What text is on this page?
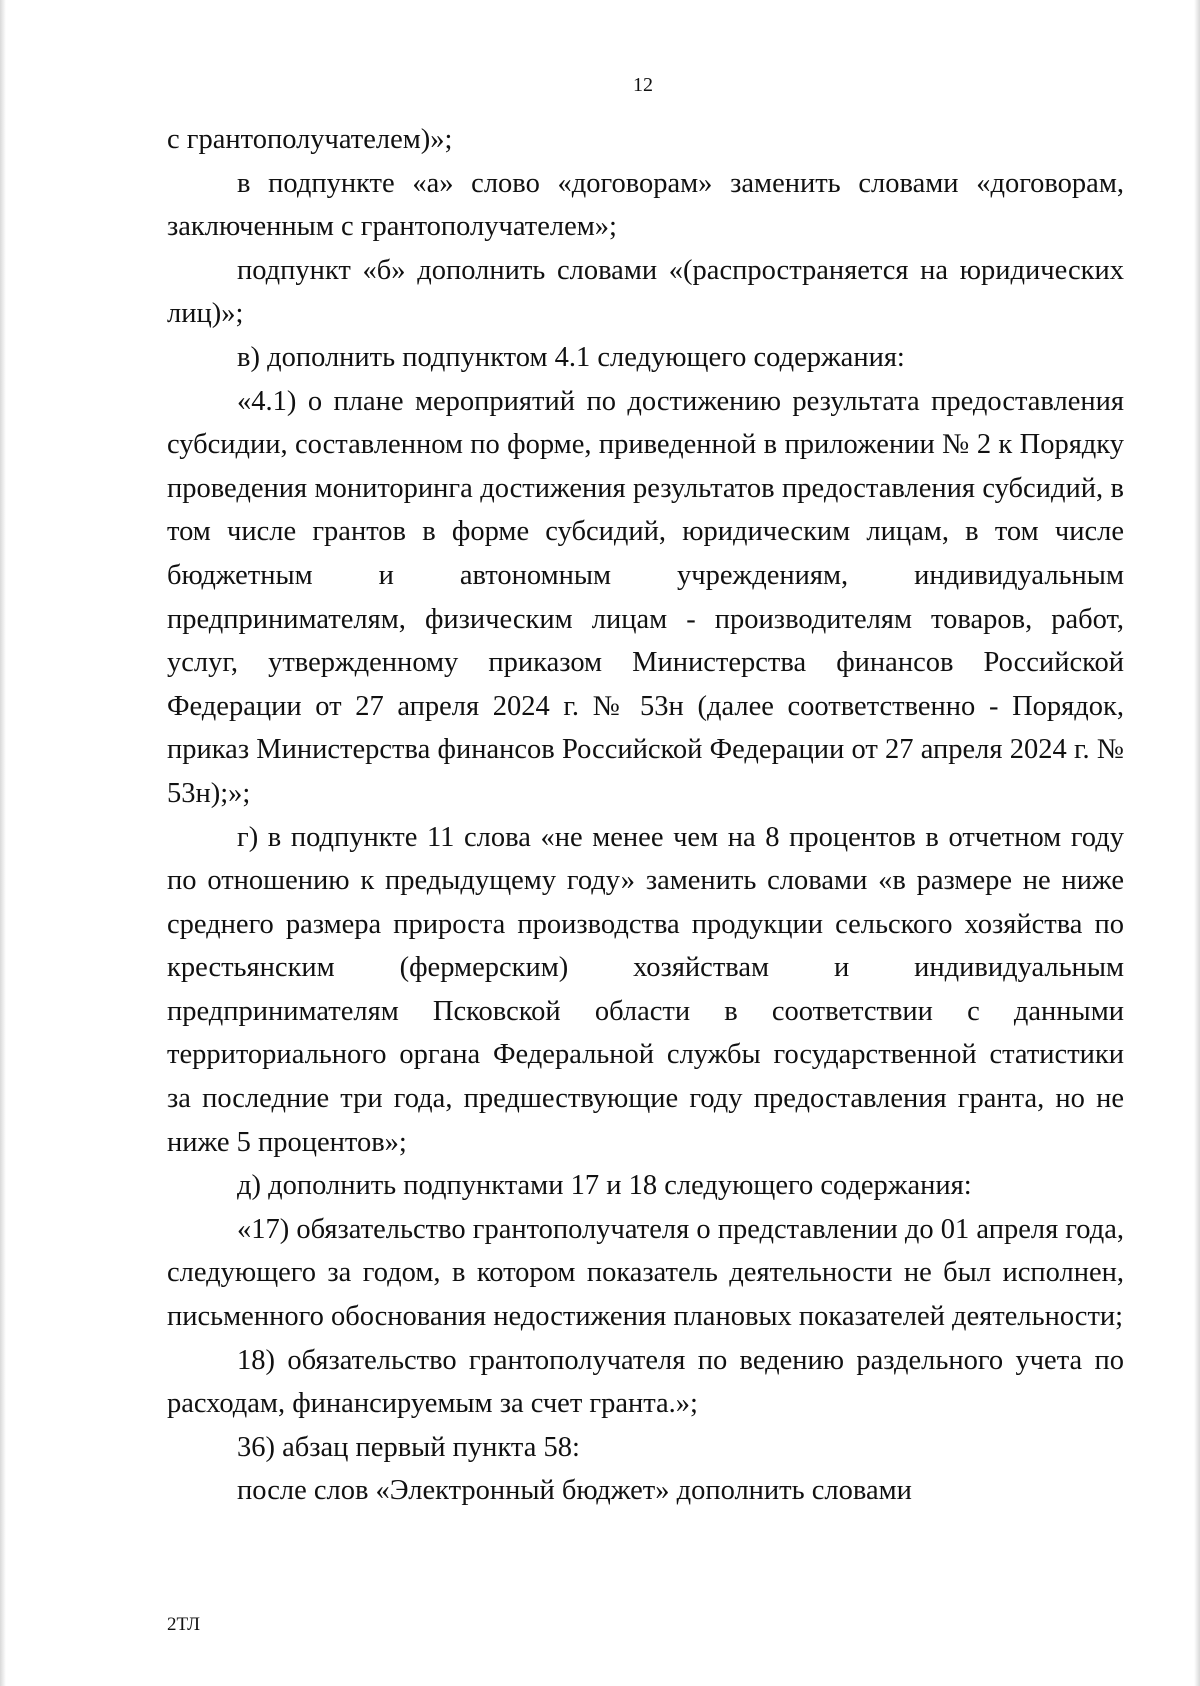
12

с грантополучателем)»;

в подпункте «а» слово «договорам» заменить словами «договорам, заключенным с грантополучателем»;

подпункт «б» дополнить словами «(распространяется на юридических лиц)»;

в) дополнить подпунктом 4.1 следующего содержания:

«4.1) о плане мероприятий по достижению результата предоставления субсидии, составленном по форме, приведенной в приложении № 2 к Порядку проведения мониторинга достижения результатов предоставления субсидий, в том числе грантов в форме субсидий, юридическим лицам, в том числе бюджетным и автономным учреждениям, индивидуальным предпринимателям, физическим лицам - производителям товаров, работ, услуг, утвержденному приказом Министерства финансов Российской Федерации от 27 апреля 2024 г. № 53н (далее соответственно - Порядок, приказ Министерства финансов Российской Федерации от 27 апреля 2024 г. № 53н);»;

г) в подпункте 11 слова «не менее чем на 8 процентов в отчетном году по отношению к предыдущему году» заменить словами «в размере не ниже среднего размера прироста производства продукции сельского хозяйства по крестьянским (фермерским) хозяйствам и индивидуальным предпринимателям Псковской области в соответствии с данными территориального органа Федеральной службы государственной статистики за последние три года, предшествующие году предоставления гранта, но не ниже 5 процентов»;

д) дополнить подпунктами 17 и 18 следующего содержания:

«17) обязательство грантополучателя о представлении до 01 апреля года, следующего за годом, в котором показатель деятельности не был исполнен, письменного обоснования недостижения плановых показателей деятельности;

18) обязательство грантополучателя по ведению раздельного учета по расходам, финансируемым за счет гранта.»;

36) абзац первый пункта 58:

после слов «Электронный бюджет» дополнить словами

2ТЛ
